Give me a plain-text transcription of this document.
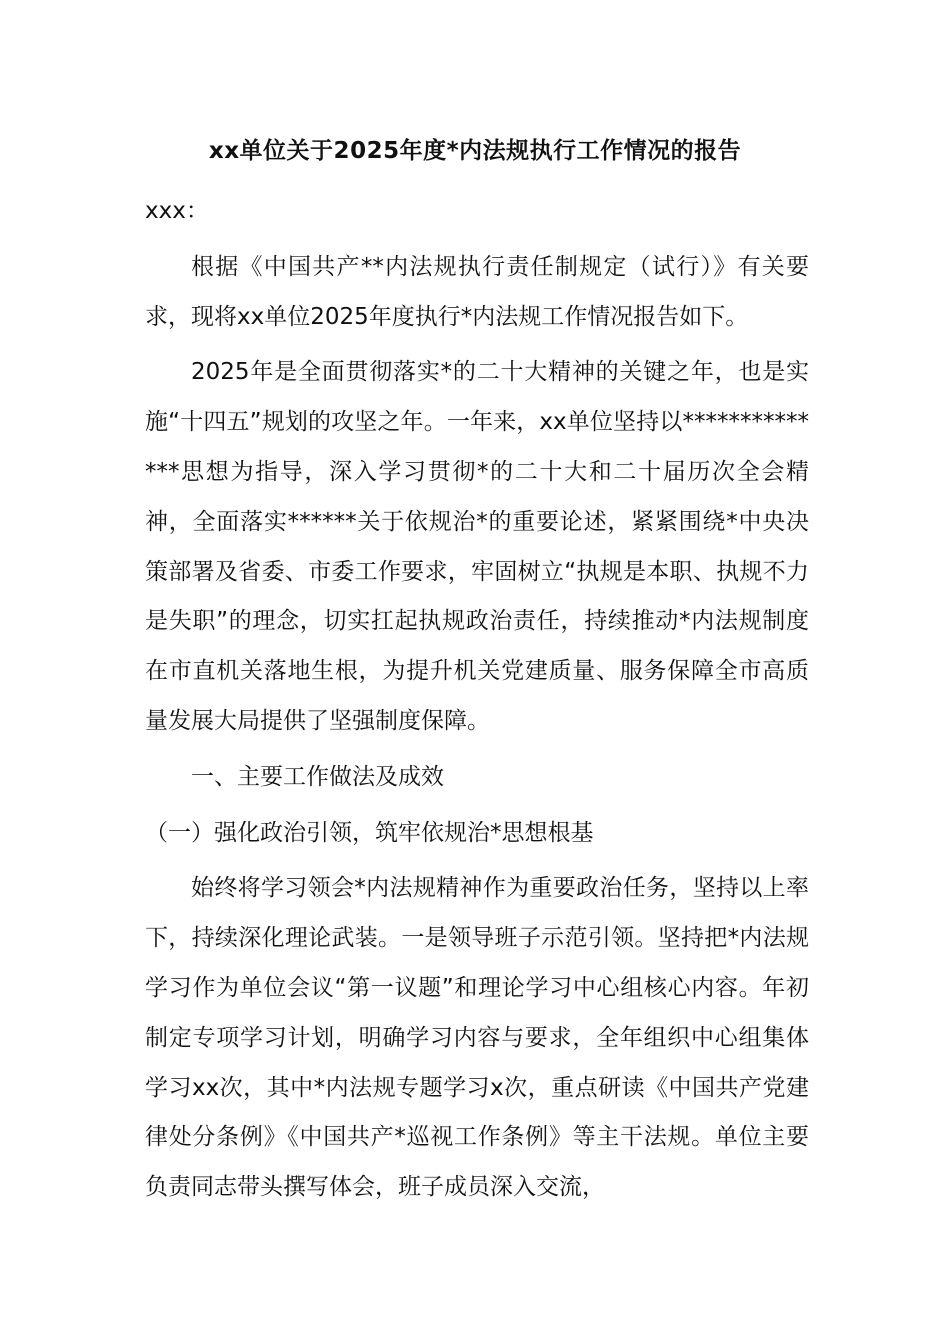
xx单位关于2025年度*内法规执行工作情况的报告

xxx：

根据《中国共产**内法规执行责任制规定（试行）》有关要求，现将xx单位2025年度执行*内法规工作情况报告如下。

2025年是全面贯彻落实*的二十大精神的关键之年，也是实施“十四五”规划的攻坚之年。一年来，xx单位坚持以**************思想为指导，深入学习贯彻*的二十大和二十届历次全会精神，全面落实******关于依规治*的重要论述，紧紧围绕*中央决策部署及省委、市委工作要求，牢固树立“执规是本职、执规不力是失职”的理念，切实扛起执规政治责任，持续推动*内法规制度在市直机关落地生根，为提升机关党建质量、服务保障全市高质量发展大局提供了坚强制度保障。

一、主要工作做法及成效

（一）强化政治引领，筑牢依规治*思想根基

始终将学习领会*内法规精神作为重要政治任务，坚持以上率下，持续深化理论武装。一是领导班子示范引领。坚持把*内法规学习作为单位会议“第一议题”和理论学习中心组核心内容。年初制定专项学习计划，明确学习内容与要求，全年组织中心组集体学习xx次，其中*内法规专题学习x次，重点研读《中国共产党建律处分条例》《中国共产*巡视工作条例》等主干法规。单位主要负责同志带头撰写体会，班子成员深入交流，
